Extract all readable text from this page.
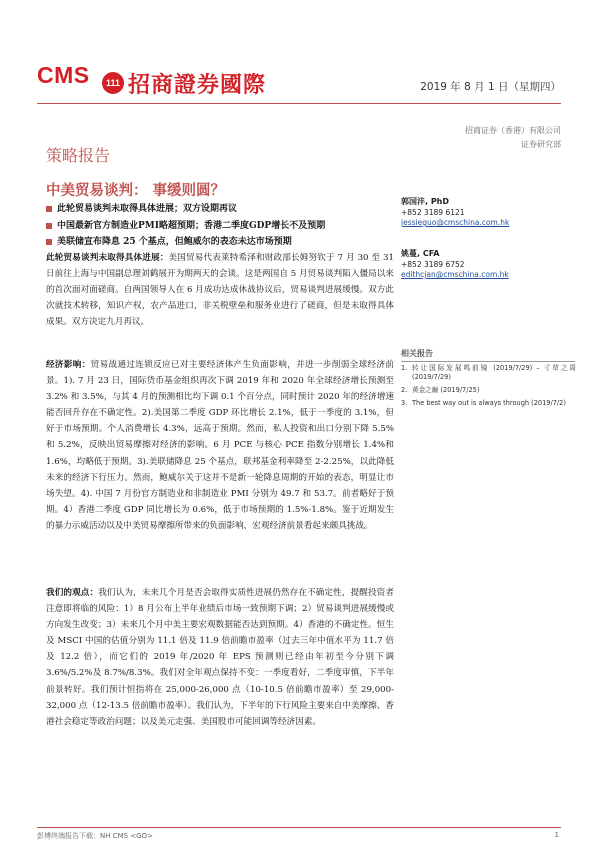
CMS	111 招商證券國際	2019 年 8 月 1 日（星期四）
招商证券（香港）有限公司
证券研究部
策略报告
中美贸易谈判： 事缓则圆？
此轮贸易谈判未取得具体进展；双方设期再议
中国最新官方制造业PMI略超预期；香港二季度GDP增长不及预期
美联储宣布降息 25 个基点，但鲍威尔的表态未达市场预期
此轮贸易谈判未取得具体进展：美国贸易代表莱特希泽和财政部长姆努钦于 7 月 30 至 31 日前往上海与中国副总理刘鹤展开为期两天的会谈。这是两国自 5 月贸易谈判陷入僵局以来的首次面对面磋商。自两国领导人在 6 月成功达成休战协议后，贸易谈判进展缓慢。双方此次就技术转移，知识产权，农产品进口，非关税壁垒和服务业进行了磋商，但是未取得具体成果。双方决定九月再议。
经济影响：贸易战通过连锁反应已对主要经济体产生负面影响，并进一步削弱全球经济前景。1). 7 月 23 日，国际货币基金组织再次下调 2019 年和 2020 年全球经济增长预测至 3.2% 和 3.5%，与其 4 月的预测相比均下调 0.1 个百分点，同时预计 2020 年的经济增速能否回升存在不确定性。2).美国第二季度 GDP 环比增长 2.1%，低于一季度的 3.1%，但好于市场预期。个人消费增长 4.3%，远高于预期。然而，私人投资和出口分别下降 5.5% 和 5.2%，反映出贸易摩擦对经济的影响。6 月 PCE 与核心 PCE 指数分别增长 1.4%和 1.6%，均略低于预期。3).美联储降息 25 个基点，联邦基金利率降至 2-2.25%，以此降低未来的经济下行压力。然而，鲍威尔关于这并不是新一轮降息周期的开始的表态，明显让市场失望。4). 中国 7 月份官方制造业和非制造业 PMI 分别为 49.7 和 53.7。前者略好于预期。4）香港二季度 GDP 同比增长为 0.6%，低于市场预期的 1.5%-1.8%。鉴于近期发生的暴力示威活动以及中美贸易摩擦所带来的负面影响，宏观经济前景看起来颇具挑战。
我们的观点：我们认为，未来几个月是否会取得实质性进展仍然存在不确定性，提醒投资者注意即将临的风险：1）8 月公布上半年业绩后市场一致预期下调；2）贸易谈判进展缓慢或方向发生改变；3）未来几个月中美主要宏观数据能否达到预期。4）香港的不确定性。恒生及 MSCI 中国的估值分别为 11.1 倍及 11.9 倍前瞻市盈率（过去三年中值水平为 11.7 倍及 12.2 倍），而它们的 2019 年/2020 年 EPS 预测则已经由年初至今分别下调 3.6%/5.2%及 8.7%/8.3%。我们对全年观点保持不变：一季度看好，二季度审慎，下半年前景转好。我们预计恒指将在 25,000-26,000 点（10-10.5 倍前瞻市盈率）至 29,000-32,000 点（12-13.5 倍前瞻市盈率）。我们认为，下半年的下行风险主要来自中美摩擦、香港社会稳定等政治问题；以及美元走强、美国股市可能回调等经济因素。
郭国沣, PhD
+852 3189 6121
jessieguo@cmschina.com.hk
姚蔓, CFA
+852 3189 6752
edithcjan@cmschina.com.hk
相关报告
1. 转让国际发展鸣前镜 (2019/7/29) – 寸草之周 (2019/7/29)
2. 黄金之巅 (2019/7/25)
3. The best way out is always through (2019/7/2)
彭博终端报告下载：NH CMS <GO>	1
